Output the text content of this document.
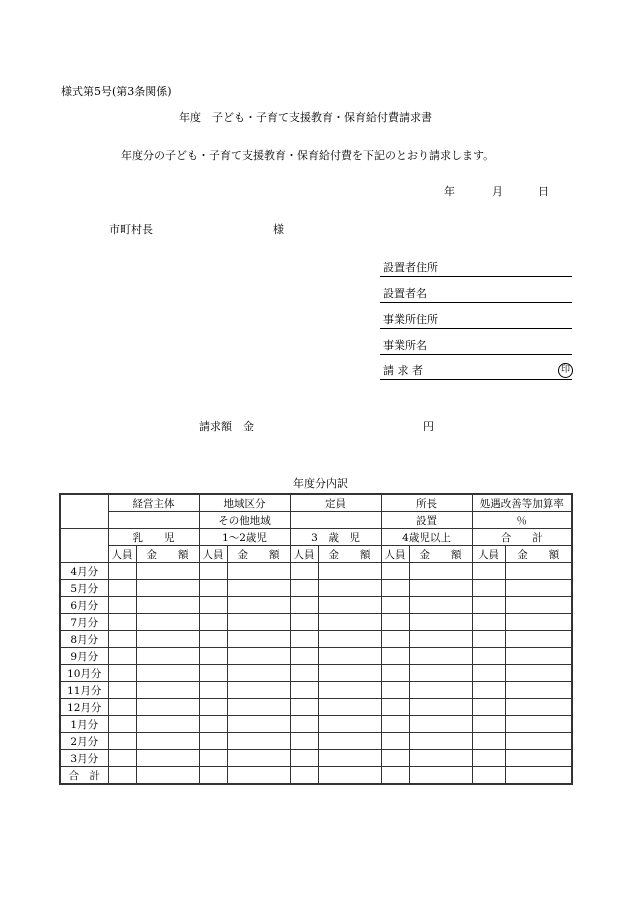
様式第5号(第3条関係)
年度　子ども・子育て支援教育・保育給付費請求書
年度分の子ども・子育て支援教育・保育給付費を下記のとおり請求します。
年	月	日
市町村長	様
設置者住所
設置者名
事業所住所
事業所名
請 求 者	印
請求額　金	円
年度分内訳
	経営主体		地域区分		定員		所長		処遇改善等加算率	
			その他地域				設置		％	
	乳　　児		1～2歳児		3　歳　児		4歳児以上		合　　計	
	人員	金　　額	人員	金　　額	人員	金　　額	人員	金　　額	人員	金　　額
4月分										
5月分										
6月分										
7月分										
8月分										
9月分										
10月分										
11月分										
12月分										
1月分										
2月分										
3月分										
合　計										
